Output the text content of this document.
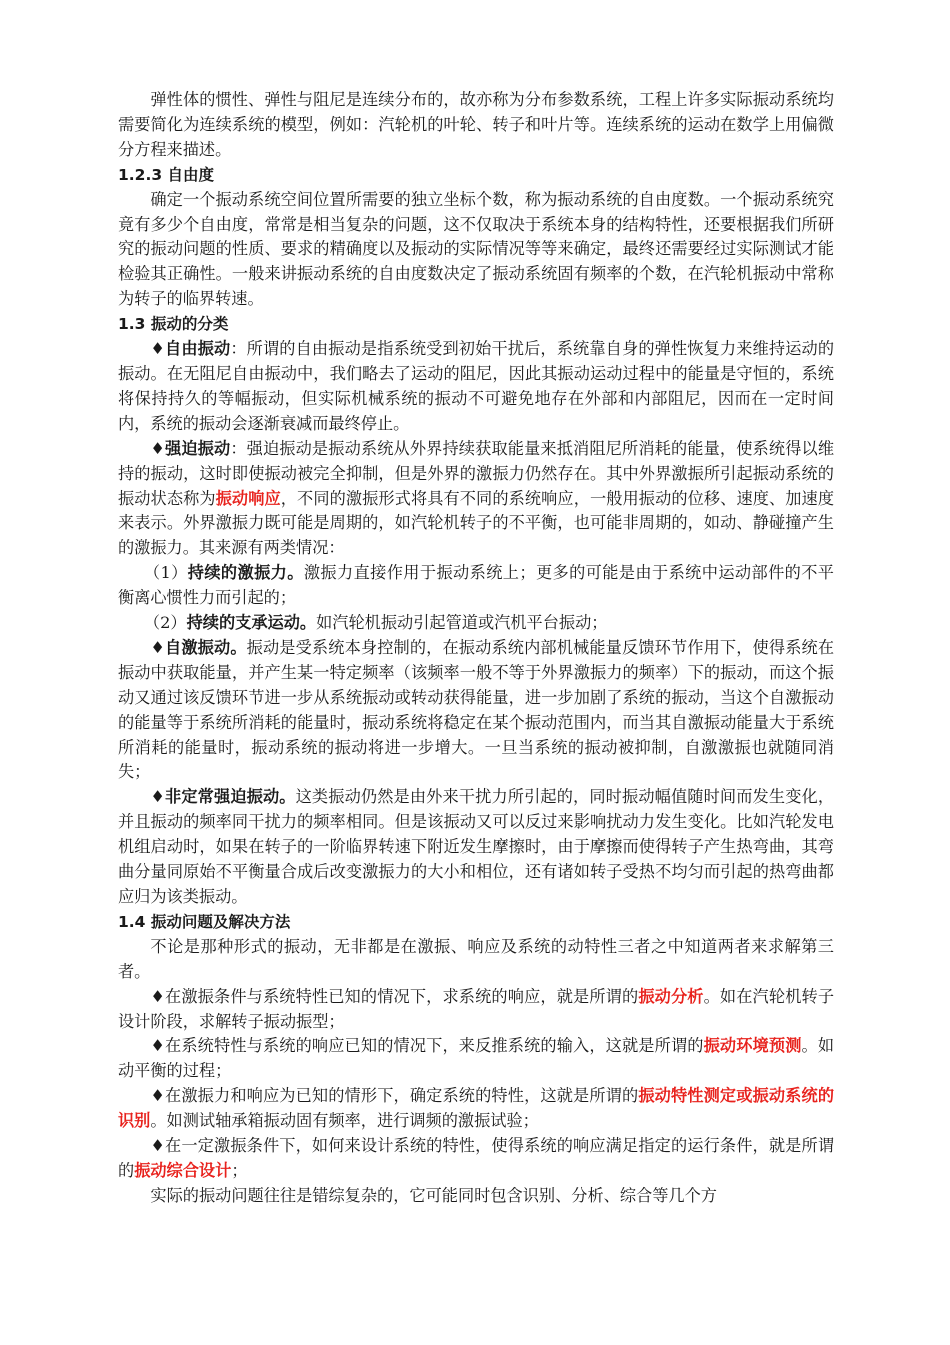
弹性体的惯性、弹性与阻尼是连续分布的，故亦称为分布参数系统，工程上许多实际振动系统均需要简化为连续系统的模型，例如：汽轮机的叶轮、转子和叶片等。连续系统的运动在数学上用偏微分方程来描述。

1.2.3 自由度

确定一个振动系统空间位置所需要的独立坐标个数，称为振动系统的自由度数。一个振动系统究竟有多少个自由度，常常是相当复杂的问题，这不仅取决于系统本身的结构特性，还要根据我们所研究的振动问题的性质、要求的精确度以及振动的实际情况等等来确定，最终还需要经过实际测试才能检验其正确性。一般来讲振动系统的自由度数决定了振动系统固有频率的个数，在汽轮机振动中常称为转子的临界转速。

1.3 振动的分类

♦自由振动：所谓的自由振动是指系统受到初始干扰后，系统靠自身的弹性恢复力来维持运动的振动。在无阻尼自由振动中，我们略去了运动的阻尼，因此其振动运动过程中的能量是守恒的，系统将保持持久的等幅振动，但实际机械系统的振动不可避免地存在外部和内部阻尼，因而在一定时间内，系统的振动会逐渐衰减而最终停止。

♦强迫振动：强迫振动是振动系统从外界持续获取能量来抵消阻尼所消耗的能量，使系统得以维持的振动，这时即使振动被完全抑制，但是外界的激振力仍然存在。其中外界激振所引起振动系统的振动状态称为振动响应，不同的激振形式将具有不同的系统响应，一般用振动的位移、速度、加速度来表示。外界激振力既可能是周期的，如汽轮机转子的不平衡，也可能非周期的，如动、静碰撞产生的激振力。其来源有两类情况：

（1）持续的激振力。激振力直接作用于振动系统上；更多的可能是由于系统中运动部件的不平衡离心惯性力而引起的；

（2）持续的支承运动。如汽轮机振动引起管道或汽机平台振动；

♦自激振动。振动是受系统本身控制的，在振动系统内部机械能量反馈环节作用下，使得系统在振动中获取能量，并产生某一特定频率（该频率一般不等于外界激振力的频率）下的振动，而这个振动又通过该反馈环节进一步从系统振动或转动获得能量，进一步加剧了系统的振动，当这个自激振动的能量等于系统所消耗的能量时，振动系统将稳定在某个振动范围内，而当其自激振动能量大于系统所消耗的能量时，振动系统的振动将进一步增大。一旦当系统的振动被抑制，自激激振也就随同消失；

♦非定常强迫振动。这类振动仍然是由外来干扰力所引起的，同时振动幅值随时间而发生变化，并且振动的频率同干扰力的频率相同。但是该振动又可以反过来影响扰动力发生变化。比如汽轮发电机组启动时，如果在转子的一阶临界转速下附近发生摩擦时，由于摩擦而使得转子产生热弯曲，其弯曲分量同原始不平衡量合成后改变激振力的大小和相位，还有诸如转子受热不均匀而引起的热弯曲都应归为该类振动。

1.4 振动问题及解决方法

不论是那种形式的振动，无非都是在激振、响应及系统的动特性三者之中知道两者来求解第三者。

♦在激振条件与系统特性已知的情况下，求系统的响应，就是所谓的振动分析。如在汽轮机转子设计阶段，求解转子振动振型；

♦在系统特性与系统的响应已知的情况下，来反推系统的输入，这就是所谓的振动环境预测。如动平衡的过程；

♦在激振力和响应为已知的情形下，确定系统的特性，这就是所谓的振动特性测定或振动系统的识别。如测试轴承箱振动固有频率，进行调频的激振试验；

♦在一定激振条件下，如何来设计系统的特性，使得系统的响应满足指定的运行条件，就是所谓的振动综合设计；

实际的振动问题往往是错综复杂的，它可能同时包含识别、分析、综合等几个方
